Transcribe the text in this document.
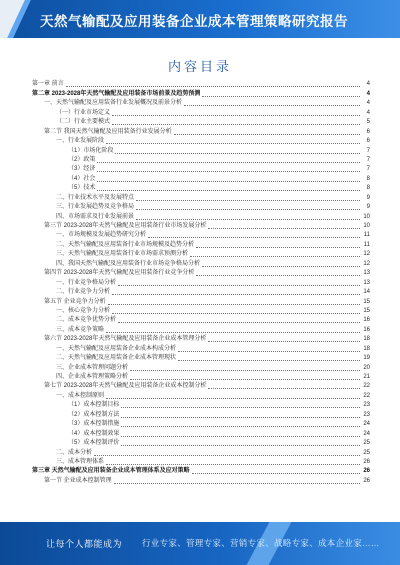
天然气输配及应用装备企业成本管理策略研究报告
内容目录
第一章 前言	4
第二章 2023-2028年天然气输配及应用装备市场前景及趋势预测	4
一、天然气输配及应用装备行业发展概况及前景分析	4
（一）行业市场定义	4
（二）行业主要模式	5
第二节 我国天然气输配及应用装备行业发展分析	6
一、行业发展阶段	6
（1）市场化阶段	7
（2）政策	7
（3）经济	7
（4）社会	8
（5）技术	8
二、行业技术水平及发展特点	9
三、行业发展趋势及竞争格局	9
四、市场需求及行业发展前景	10
第三节 2023-2028年天然气输配及应用装备行业市场发展分析	10
一、市场规模及发展趋势研究分析	11
二、天然气输配及应用装备行业市场规模及趋势分析	11
三、天然气输配及应用装备行业市场需求预测分析	12
四、我国天然气输配及应用装备行业市场竞争格局分析	12
第四节 2023-2028年天然气输配及应用装备行业竞争分析	13
一、行业竞争格局分析	13
二、行业竞争力分析	14
第五节 企业竞争力分析	15
一、核心竞争力分析	15
二、成本竞争优势分析	16
三、成本竞争策略	16
第六节 2023-2028年天然气输配及应用装备企业成本管理分析	18
一、天然气输配及应用装备企业成本构成分析	18
二、天然气输配及应用装备企业成本管理现状	19
三、企业成本管理问题分析	20
四、企业成本管理策略分析	21
第七节 2023-2028年天然气输配及应用装备企业成本控制分析	22
一、成本控制原则	22
（1）成本控制目标	23
（2）成本控制方法	23
（3）成本控制措施	24
（4）成本控制效果	24
（5）成本控制评价	25
二、成本分析	25
三、成本管理体系	26
第三章 天然气输配及应用装备企业成本管理体系及应对策略	26
第一节 企业成本控制管理	26
让每个人都能成为 行业专家、管理专家、营销专家、战略专家、成本企业家……
